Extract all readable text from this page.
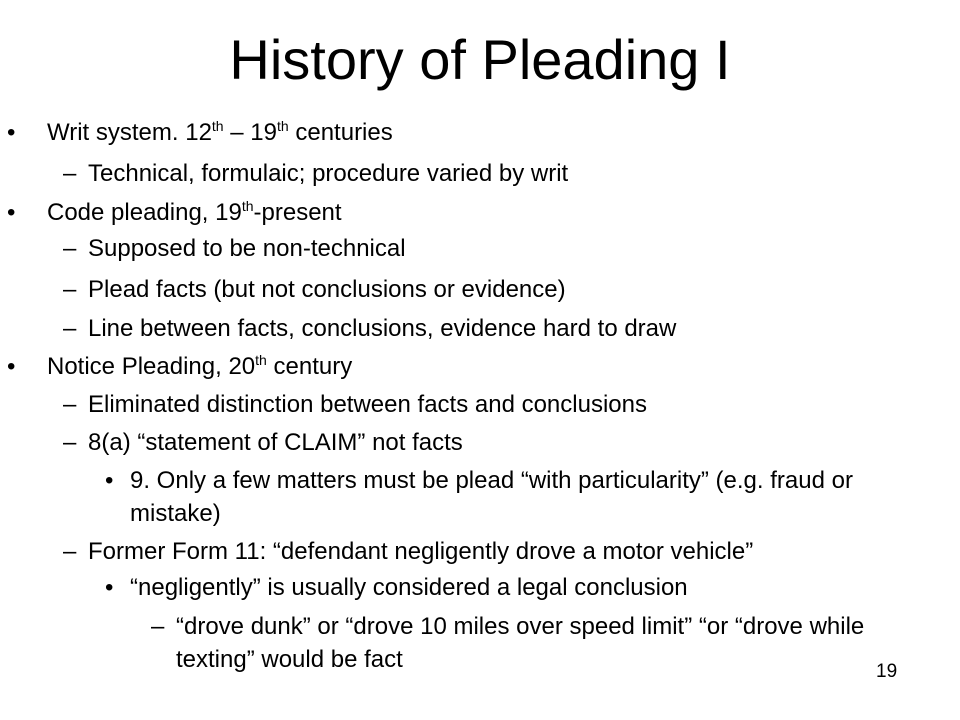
History of Pleading I
• Writ system. 12th – 19th centuries
– Technical, formulaic; procedure varied by writ
• Code pleading, 19th-present
– Supposed to be non-technical
– Plead facts (but not conclusions or evidence)
– Line between facts, conclusions, evidence hard to draw
• Notice Pleading, 20th century
– Eliminated distinction between facts and conclusions
– 8(a) “statement of CLAIM” not facts
• 9. Only a few matters must be plead “with particularity” (e.g. fraud or mistake)
– Former Form 11: “defendant negligently drove a motor vehicle”
• “negligently” is usually considered a legal conclusion
– “drove dunk” or “drove 10 miles over speed limit” “or “drove while texting” would be fact	19
